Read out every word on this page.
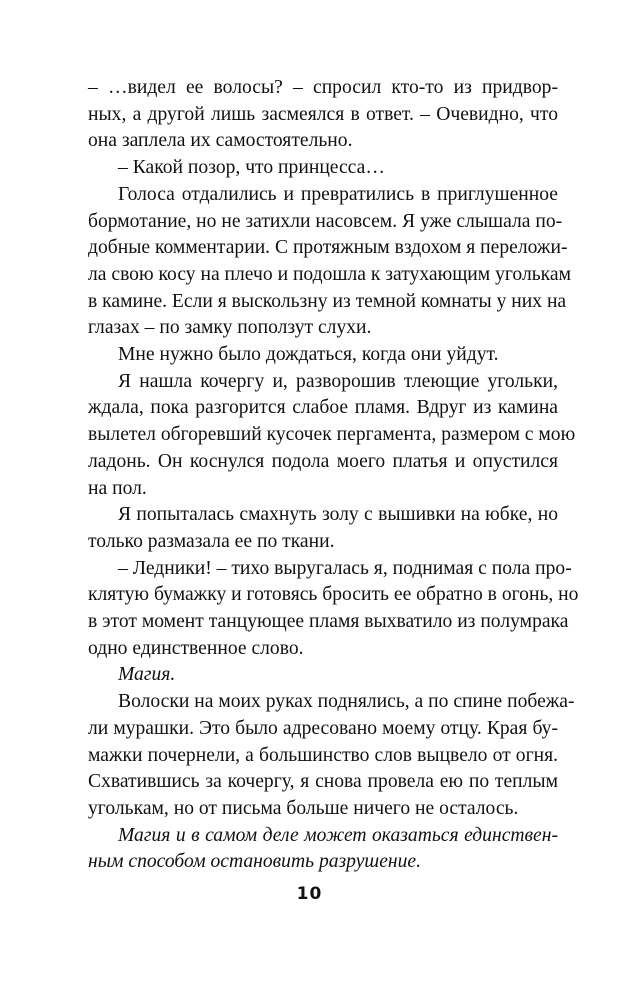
– …видел ее волосы? – спросил кто-то из придвор-
ных, а другой лишь засмеялся в ответ. – Очевидно, что
она заплела их самостоятельно.
– Какой позор, что принцесса…
Голоса отдалились и превратились в приглушенное
бормотание, но не затихли насовсем. Я уже слышала по-
добные комментарии. С протяжным вздохом я переложи-
ла свою косу на плечо и подошла к затухающим уголькам
в камине. Если я выскользну из темной комнаты у них на
глазах – по замку поползут слухи.
Мне нужно было дождаться, когда они уйдут.
Я нашла кочергу и, разворошив тлеющие угольки,
ждала, пока разгорится слабое пламя. Вдруг из камина
вылетел обгоревший кусочек пергамента, размером с мою
ладонь. Он коснулся подола моего платья и опустился
на пол.
Я попыталась смахнуть золу с вышивки на юбке, но
только размазала ее по ткани.
– Ледники! – тихо выругалась я, поднимая с пола про-
клятую бумажку и готовясь бросить ее обратно в огонь, но
в этот момент танцующее пламя выхватило из полумрака
одно единственное слово.
Магия.
Волоски на моих руках поднялись, а по спине побежа-
ли мурашки. Это было адресовано моему отцу. Края бу-
мажки почернели, а большинство слов выцвело от огня.
Схватившись за кочергу, я снова провела ею по теплым
уголькам, но от письма больше ничего не осталось.
Магия и в самом деле может оказаться единствен-
ным способом остановить разрушение.
10
